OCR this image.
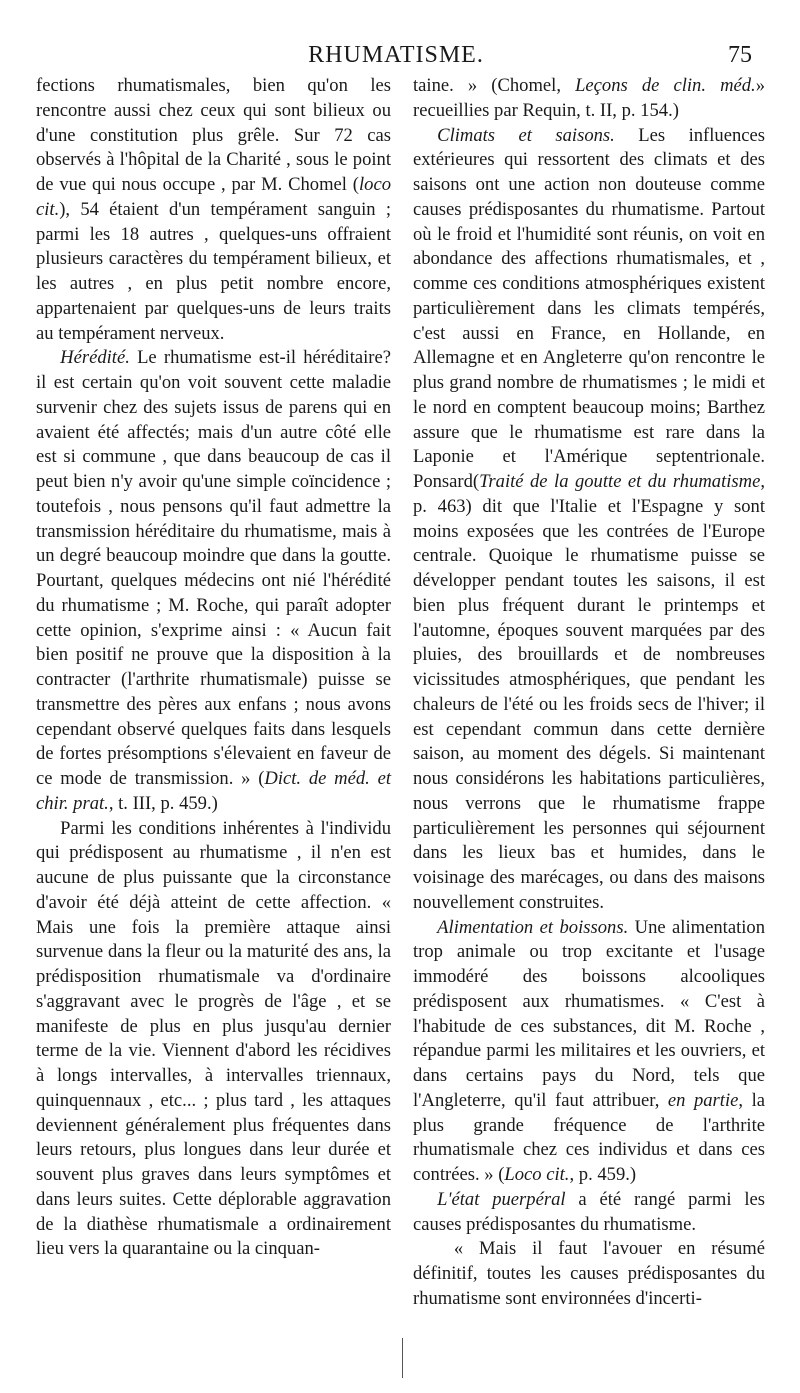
RHUMATISME.	75

fections rhumatismales, bien qu'on les rencontre aussi chez ceux qui sont bilieux ou d'une constitution plus grêle. Sur 72 cas observés à l'hôpital de la Charité , sous le point de vue qui nous occupe , par M. Chomel (loco cit.), 54 étaient d'un tempérament sanguin ; parmi les 18 autres , quelques-uns offraient plusieurs caractères du tempérament bilieux, et les autres , en plus petit nombre encore, appartenaient par quelques-uns de leurs traits au tempérament nerveux.

Hérédité. Le rhumatisme est-il héréditaire? il est certain qu'on voit souvent cette maladie survenir chez des sujets issus de parens qui en avaient été affectés; mais d'un autre côté elle est si commune , que dans beaucoup de cas il peut bien n'y avoir qu'une simple coïncidence ; toutefois , nous pensons qu'il faut admettre la transmission héréditaire du rhumatisme, mais à un degré beaucoup moindre que dans la goutte. Pourtant, quelques médecins ont nié l'hérédité du rhumatisme ; M. Roche, qui paraît adopter cette opinion, s'exprime ainsi : « Aucun fait bien positif ne prouve que la disposition à la contracter (l'arthrite rhumatismale) puisse se transmettre des pères aux enfans ; nous avons cependant observé quelques faits dans lesquels de fortes présomptions s'élevaient en faveur de ce mode de transmission. » (Dict. de méd. et chir. prat., t. III, p. 459.)

Parmi les conditions inhérentes à l'individu qui prédisposent au rhumatisme , il n'en est aucune de plus puissante que la circonstance d'avoir été déjà atteint de cette affection. « Mais une fois la première attaque ainsi survenue dans la fleur ou la maturité des ans, la prédisposition rhumatismale va d'ordinaire s'aggravant avec le progrès de l'âge , et se manifeste de plus en plus jusqu'au dernier terme de la vie. Viennent d'abord les récidives à longs intervalles, à intervalles triennaux, quinquennaux , etc... ; plus tard , les attaques deviennent généralement plus fréquentes dans leurs retours, plus longues dans leur durée et souvent plus graves dans leurs symptômes et dans leurs suites. Cette déplorable aggravation de la diathèse rhumatismale a ordinairement lieu vers la quarantaine ou la cinquan-

taine. » (Chomel, Leçons de clin. méd.» recueillies par Requin, t. II, p. 154.)

Climats et saisons. Les influences extérieures qui ressortent des climats et des saisons ont une action non douteuse comme causes prédisposantes du rhumatisme. Partout où le froid et l'humidité sont réunis, on voit en abondance des affections rhumatismales, et , comme ces conditions atmosphériques existent particulièrement dans les climats tempérés, c'est aussi en France, en Hollande, en Allemagne et en Angleterre qu'on rencontre le plus grand nombre de rhumatismes ; le midi et le nord en comptent beaucoup moins; Barthez assure que le rhumatisme est rare dans la Laponie et l'Amérique septentrionale. Ponsard(Traité de la goutte et du rhumatisme, p. 463) dit que l'Italie et l'Espagne y sont moins exposées que les contrées de l'Europe centrale. Quoique le rhumatisme puisse se développer pendant toutes les saisons, il est bien plus fréquent durant le printemps et l'automne, époques souvent marquées par des pluies, des brouillards et de nombreuses vicissitudes atmosphériques, que pendant les chaleurs de l'été ou les froids secs de l'hiver; il est cependant commun dans cette dernière saison, au moment des dégels. Si maintenant nous considérons les habitations particulières, nous verrons que le rhumatisme frappe particulièrement les personnes qui séjournent dans les lieux bas et humides, dans le voisinage des marécages, ou dans des maisons nouvellement construites.

Alimentation et boissons. Une alimentation trop animale ou trop excitante et l'usage immodéré des boissons alcooliques prédisposent aux rhumatismes. « C'est à l'habitude de ces substances, dit M. Roche , répandue parmi les militaires et les ouvriers, et dans certains pays du Nord, tels que l'Angleterre, qu'il faut attribuer, en partie, la plus grande fréquence de l'arthrite rhumatismale chez ces individus et dans ces contrées. » (Loco cit., p. 459.)

L'état puerpéral a été rangé parmi les causes prédisposantes du rhumatisme.

« Mais il faut l'avouer en résumé définitif, toutes les causes prédisposantes du rhumatisme sont environnées d'incerti-
